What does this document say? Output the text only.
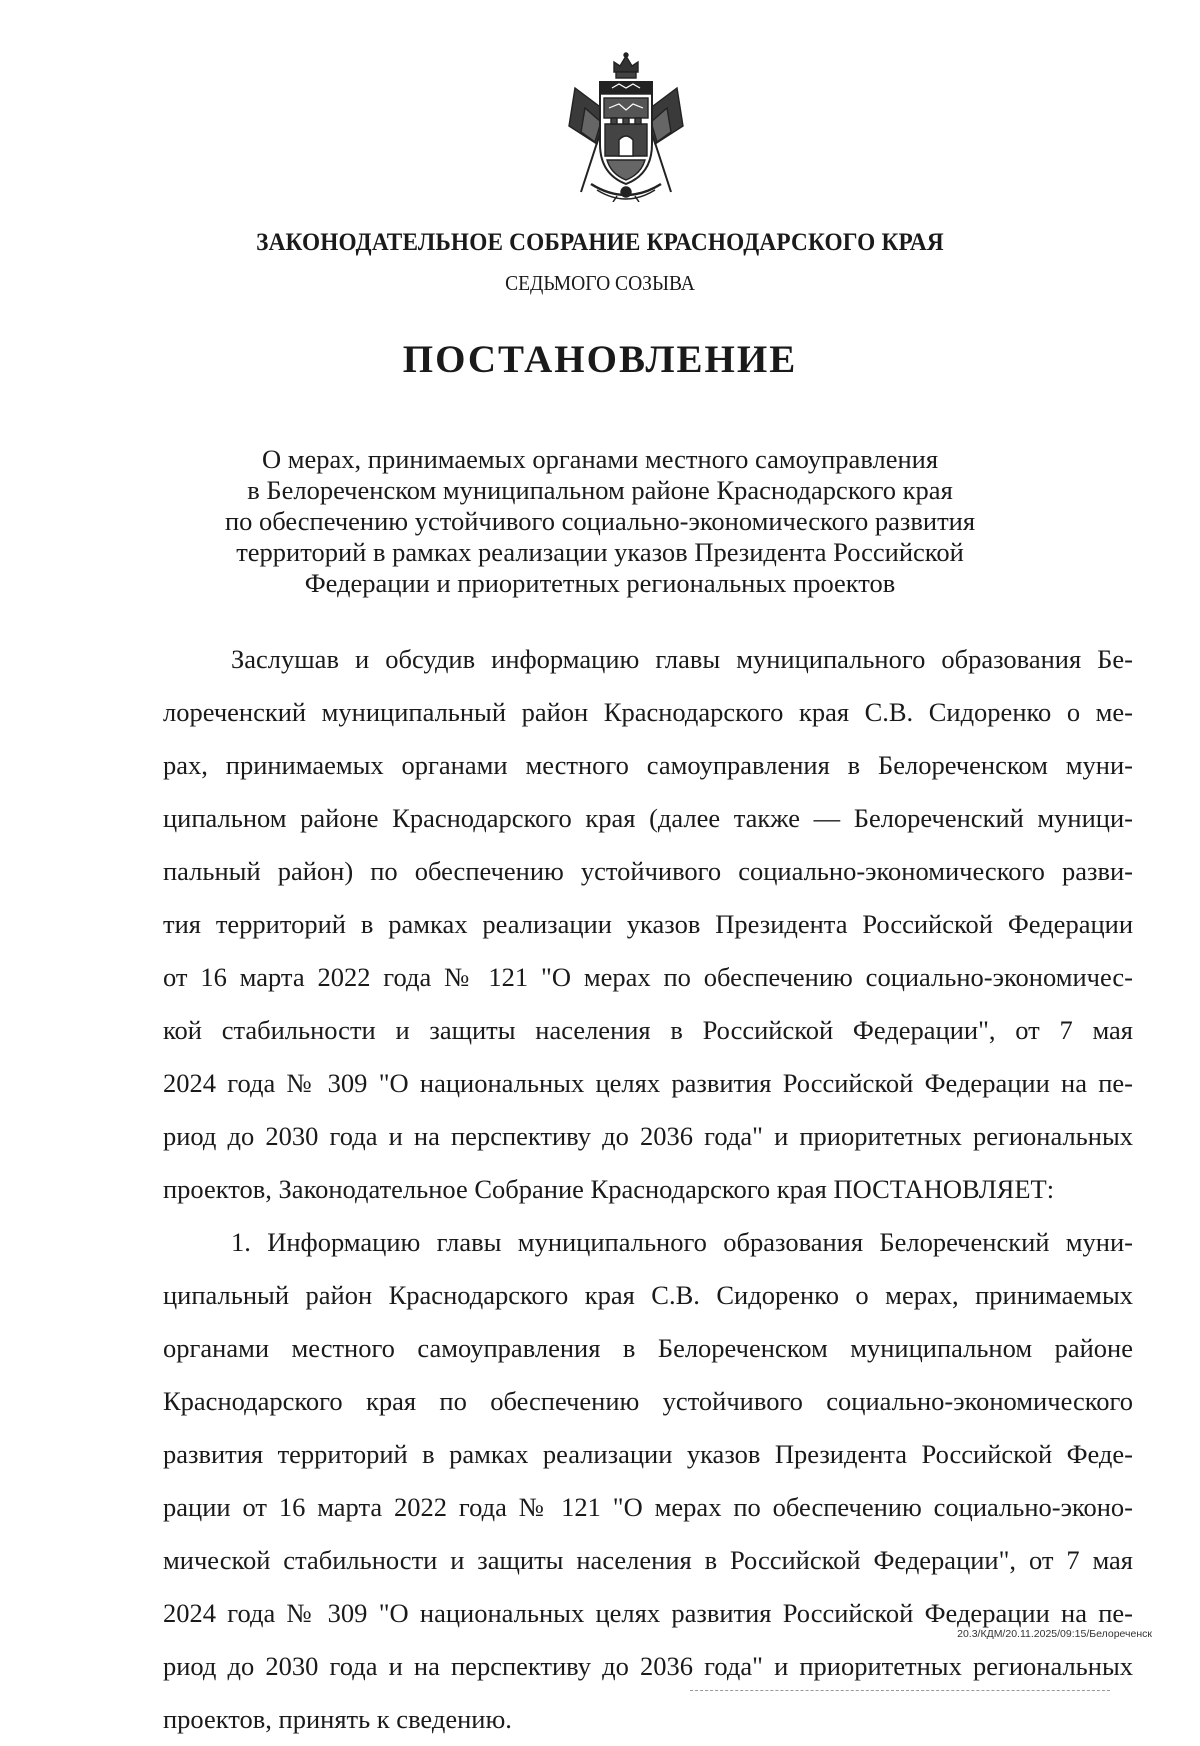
ЗАКОНОДАТЕЛЬНОЕ СОБРАНИЕ КРАСНОДАРСКОГО КРАЯ
СЕДЬМОГО СОЗЫВА
ПОСТАНОВЛЕНИЕ
О мерах, принимаемых органами местного самоуправления
в Белореченском муниципальном районе Краснодарского края
по обеспечению устойчивого социально-экономического развития
территорий в рамках реализации указов Президента Российской
Федерации и приоритетных региональных проектов
Заслушав и обсудив информацию главы муниципального образования Бе-
лореченский муниципальный район Краснодарского края С.В. Сидоренко о ме-
рах, принимаемых органами местного самоуправления в Белореченском муни-
ципальном районе Краснодарского края (далее также — Белореченский муници-
пальный район) по обеспечению устойчивого социально-экономического разви-
тия территорий в рамках реализации указов Президента Российской Федерации
от 16 марта 2022 года № 121 "О мерах по обеспечению социально-экономичес-
кой стабильности и защиты населения в Российской Федерации", от 7 мая
2024 года № 309 "О национальных целях развития Российской Федерации на пе-
риод до 2030 года и на перспективу до 2036 года" и приоритетных региональных
проектов, Законодательное Собрание Краснодарского края ПОСТАНОВЛЯЕТ:
1. Информацию главы муниципального образования Белореченский муни-
ципальный район Краснодарского края С.В. Сидоренко о мерах, принимаемых
органами местного самоуправления в Белореченском муниципальном районе
Краснодарского края по обеспечению устойчивого социально-экономического
развития территорий в рамках реализации указов Президента Российской Феде-
рации от 16 марта 2022 года № 121 "О мерах по обеспечению социально-эконо-
мической стабильности и защиты населения в Российской Федерации", от 7 мая
2024 года № 309 "О национальных целях развития Российской Федерации на пе-
риод до 2030 года и на перспективу до 2036 года" и приоритетных региональных
проектов, принять к сведению.
20.3/КДМ/20.11.2025/09:15/Белореченск
